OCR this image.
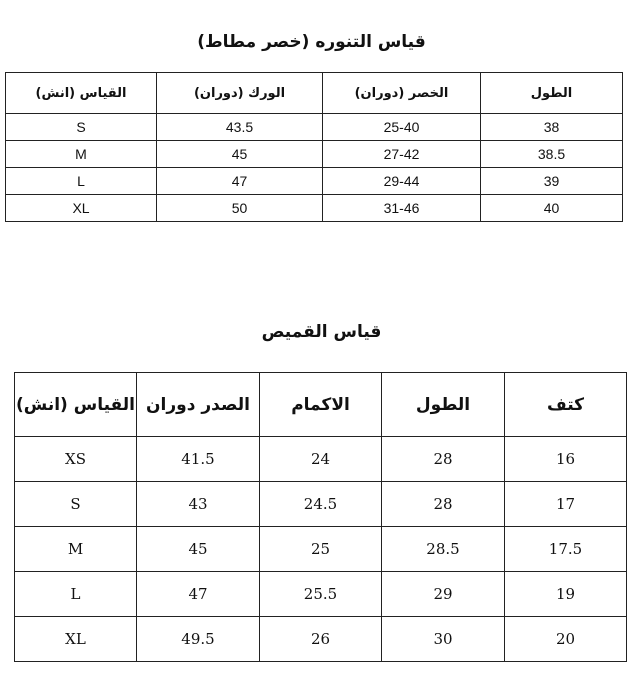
قياس التنوره (خصر مطاط)
القياس (انش)	الورك (دوران)	الخصر (دوران)	الطول
S	43.5	25-40	38
M	45	27-42	38.5
L	47	29-44	39
XL	50	31-46	40
قياس القميص
القياس (انش)	الصدر دوران	الاكمام	الطول	كتف
XS	41.5	24	28	16
S	43	24.5	28	17
M	45	25	28.5	17.5
L	47	25.5	29	19
XL	49.5	26	30	20
